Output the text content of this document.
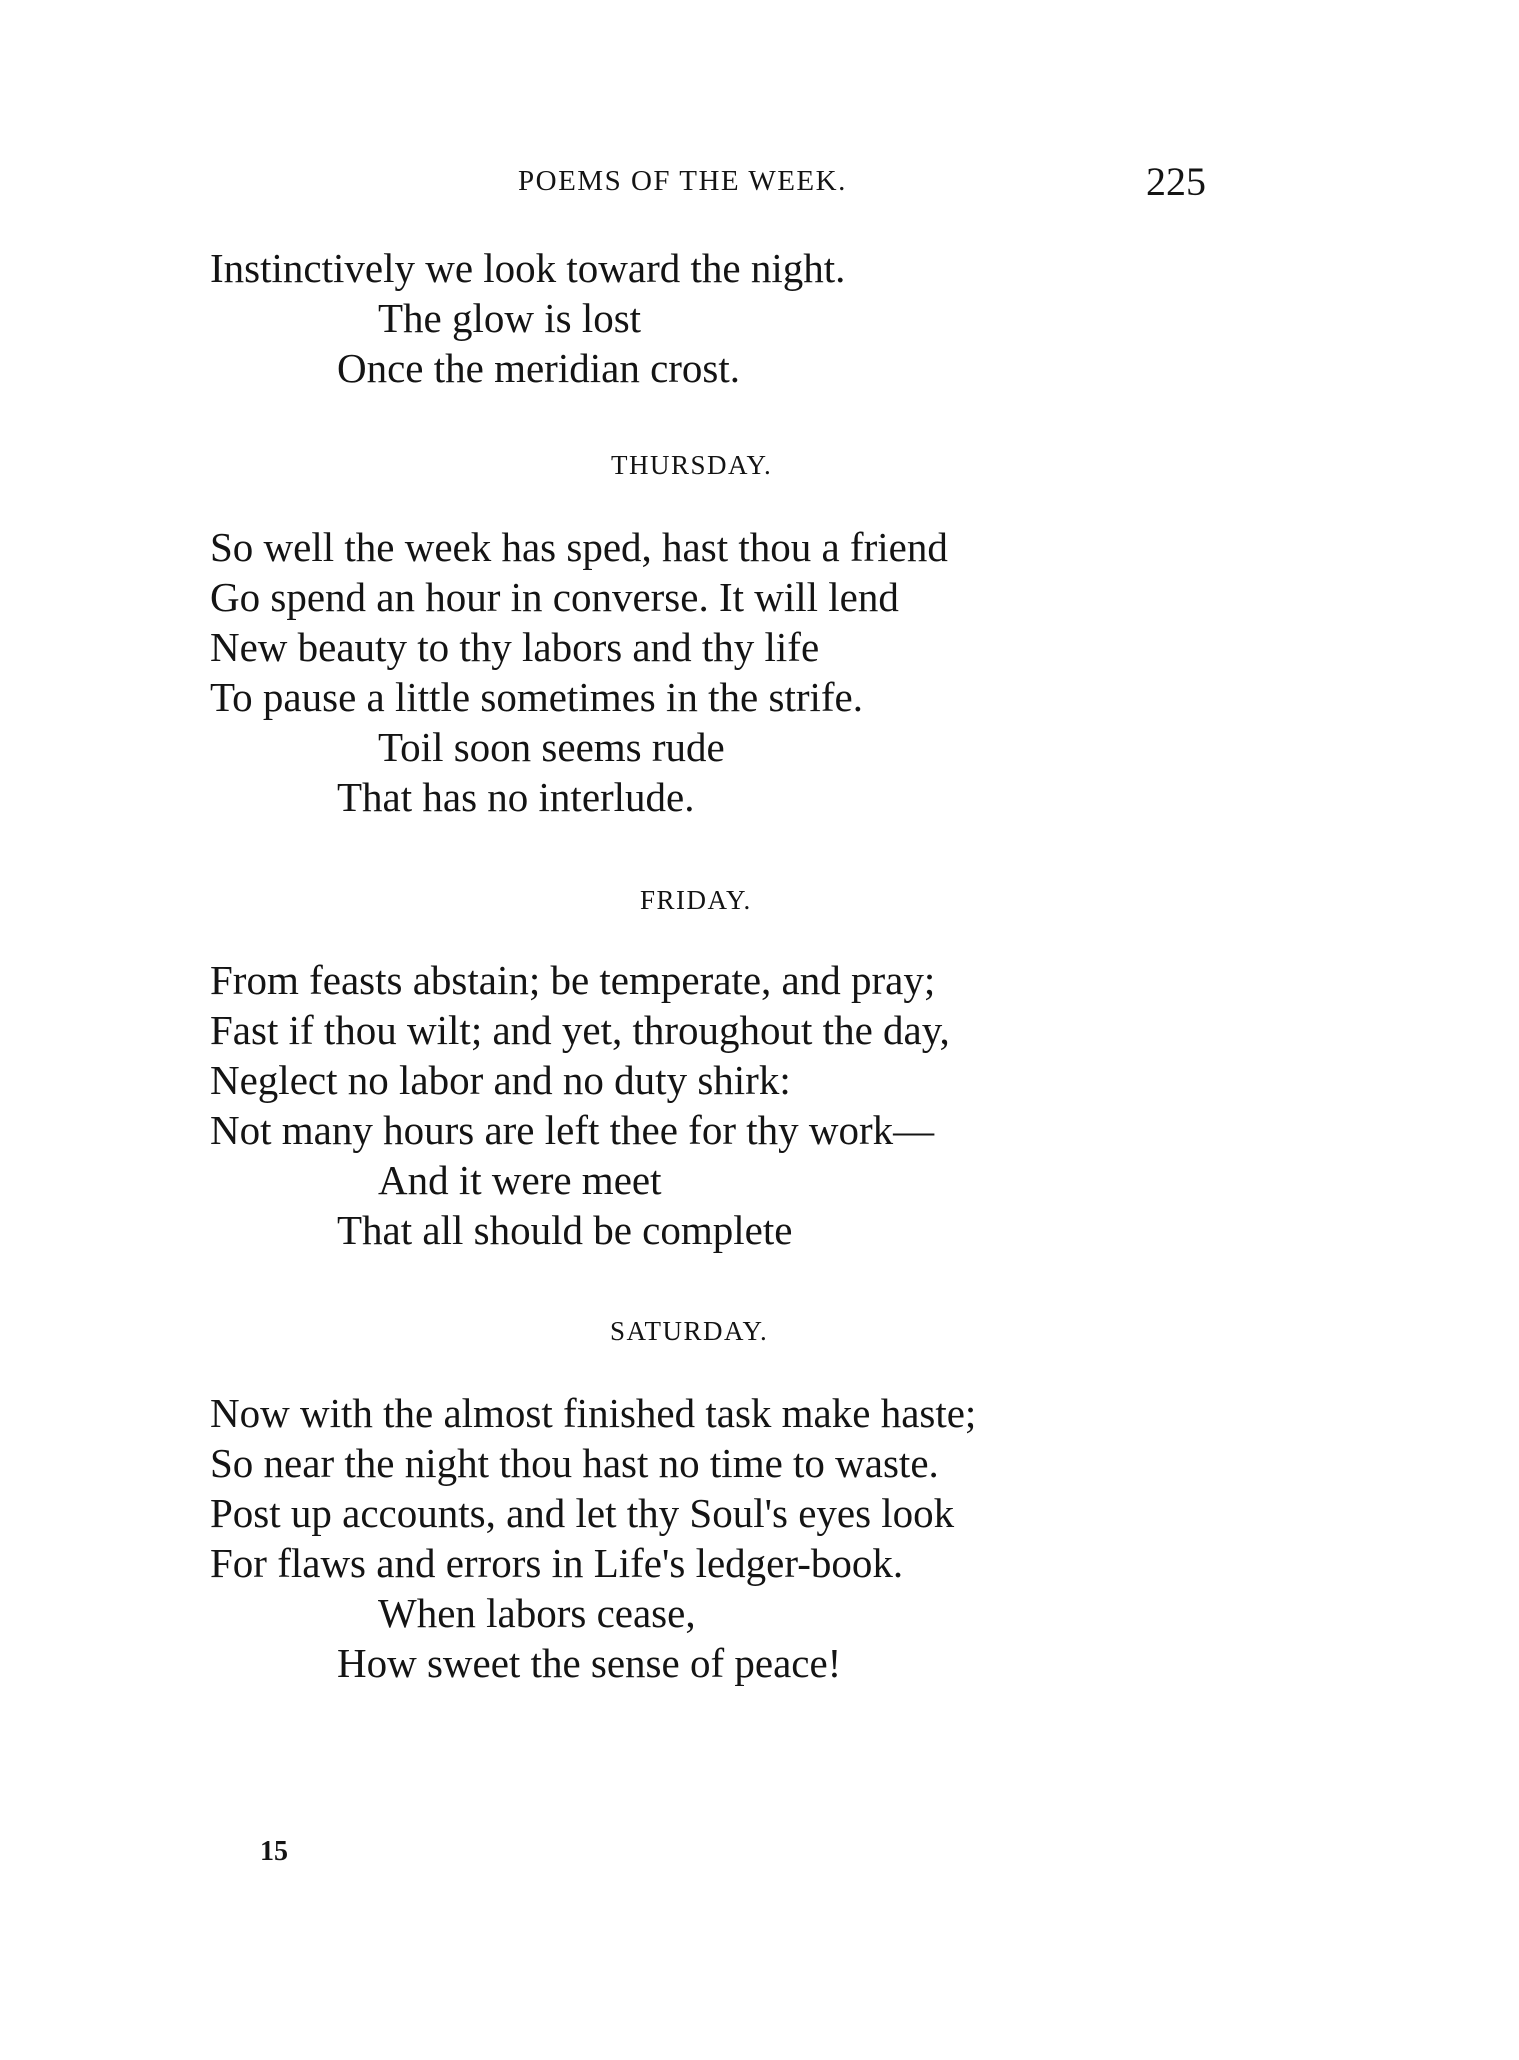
POEMS OF THE WEEK.	225
Instinctively we look toward the night.
The glow is lost
Once the meridian crost.
THURSDAY.
So well the week has sped, hast thou a friend
Go spend an hour in converse. It will lend
New beauty to thy labors and thy life
To pause a little sometimes in the strife.
Toil soon seems rude
That has no interlude.
FRIDAY.
From feasts abstain; be temperate, and pray;
Fast if thou wilt; and yet, throughout the day,
Neglect no labor and no duty shirk:
Not many hours are left thee for thy work—
And it were meet
That all should be complete
SATURDAY.
Now with the almost finished task make haste;
So near the night thou hast no time to waste.
Post up accounts, and let thy Soul's eyes look
For flaws and errors in Life's ledger-book.
When labors cease,
How sweet the sense of peace!
15
